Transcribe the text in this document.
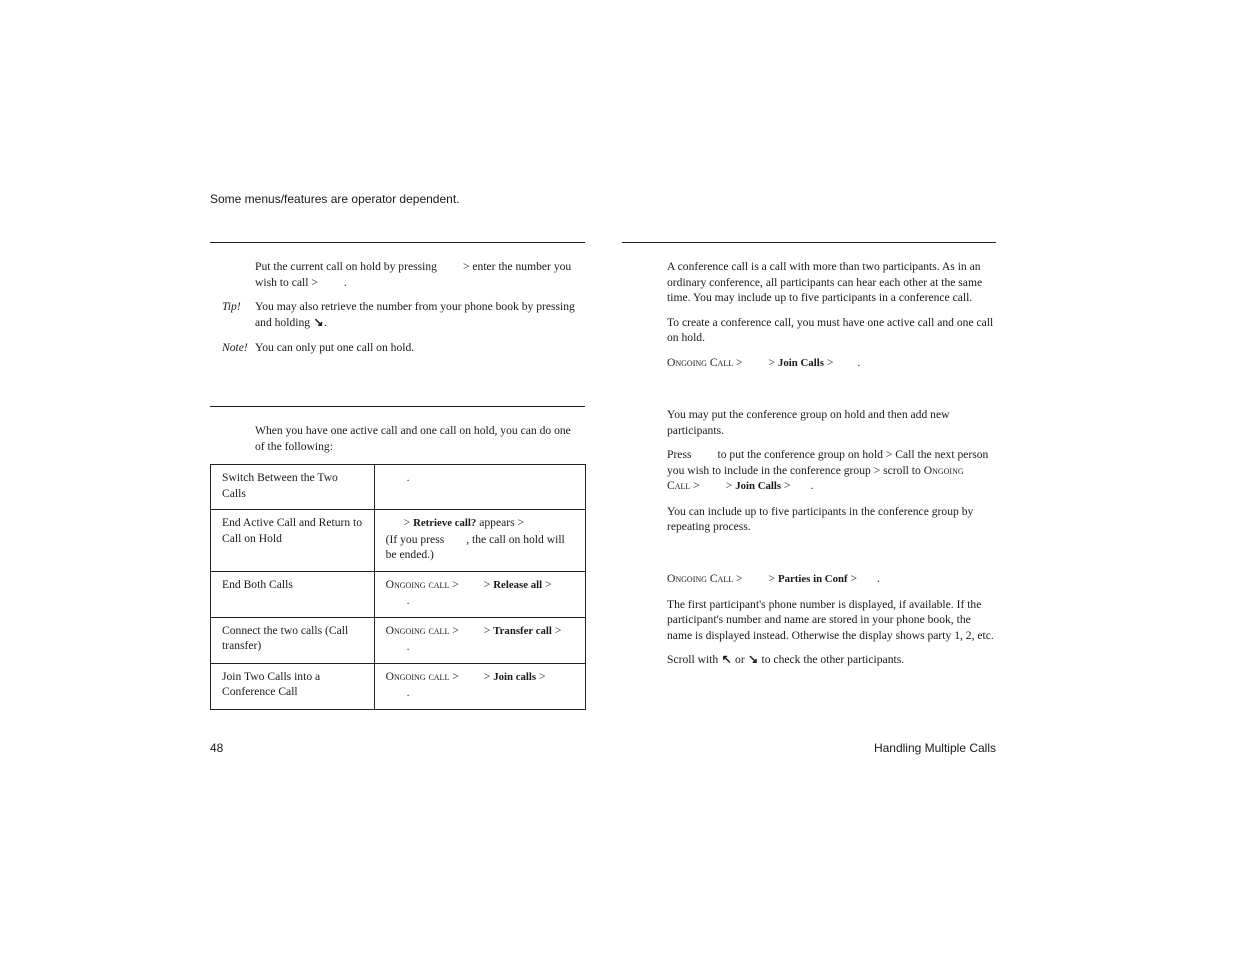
Some menus/features are operator dependent.
Put the current call on hold by pressing > enter the number you
wish to call > .
Tip! You may also retrieve the number from your phone book by pressing
and holding ↘.
Note! You can only put one call on hold.
When you have one active call and one call on hold, you can do one
of the following:
Switch Between the Two Calls	.
End Active Call and Return to Call on Hold	> Retrieve call? appears >
(If you press , the call on hold will
be ended.)

End Both Calls	Ongoing call > > Release all >
.

Connect the two calls (Call transfer)	Ongoing call > > Transfer call >
.

Join Two Calls into a Conference Call	Ongoing call > > Join calls >
.
A conference call is a call with more than two participants. As in an
ordinary conference, all participants can hear each other at the same
time. You may include up to five participants in a conference call.
To create a conference call, you must have one active call and one call
on hold.
Ongoing Call > > Join Calls > .
You may put the conference group on hold and then add new
participants.
Press to put the conference group on hold > Call the next person
you wish to include in the conference group > scroll to Ongoing
Call > > Join Calls > .
You can include up to five participants in the conference group by
repeating process.
Ongoing Call > > Parties in Conf > .
The first participant's phone number is displayed, if available. If the
participant's number and name are stored in your phone book, the
name is displayed instead. Otherwise the display shows party 1, 2, etc.
Scroll with ↖ or ↘ to check the other participants.
48	Handling Multiple Calls
